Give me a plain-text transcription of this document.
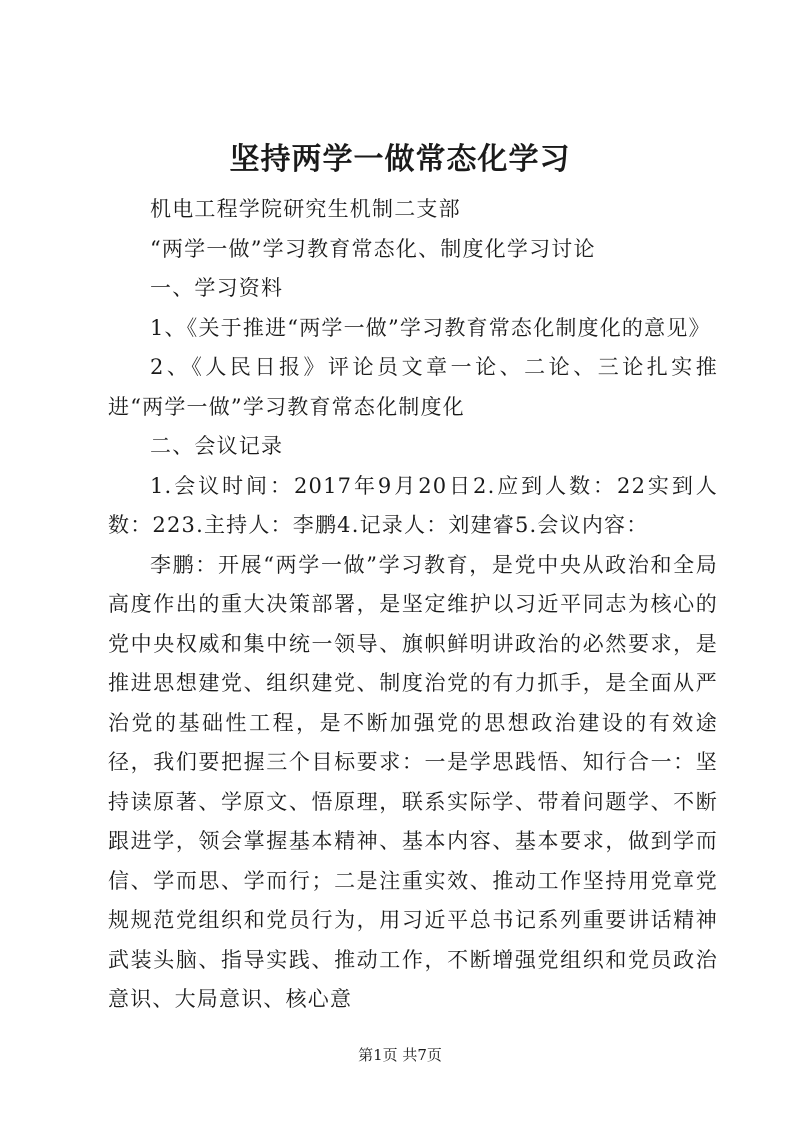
坚持两学一做常态化学习

机电工程学院研究生机制二支部

“两学一做”学习教育常态化、制度化学习讨论

一、学习资料

1、《关于推进“两学一做”学习教育常态化制度化的意见》

2、《人民日报》评论员文章一论、二论、三论扎实推进“两学一做”学习教育常态化制度化

二、会议记录

1.会议时间：2017年9月20日2.应到人数：22实到人数：223.主持人：李鹏4.记录人：刘建睿5.会议内容：

李鹏：开展“两学一做”学习教育，是党中央从政治和全局高度作出的重大决策部署，是坚定维护以习近平同志为核心的党中央权威和集中统一领导、旗帜鲜明讲政治的必然要求，是推进思想建党、组织建党、制度治党的有力抓手，是全面从严治党的基础性工程，是不断加强党的思想政治建设的有效途径，我们要把握三个目标要求：一是学思践悟、知行合一：坚持读原著、学原文、悟原理，联系实际学、带着问题学、不断跟进学，领会掌握基本精神、基本内容、基本要求，做到学而信、学而思、学而行；二是注重实效、推动工作坚持用党章党规规范党组织和党员行为，用习近平总书记系列重要讲话精神武装头脑、指导实践、推动工作，不断增强党组织和党员政治意识、大局意识、核心意

第1页 共7页
